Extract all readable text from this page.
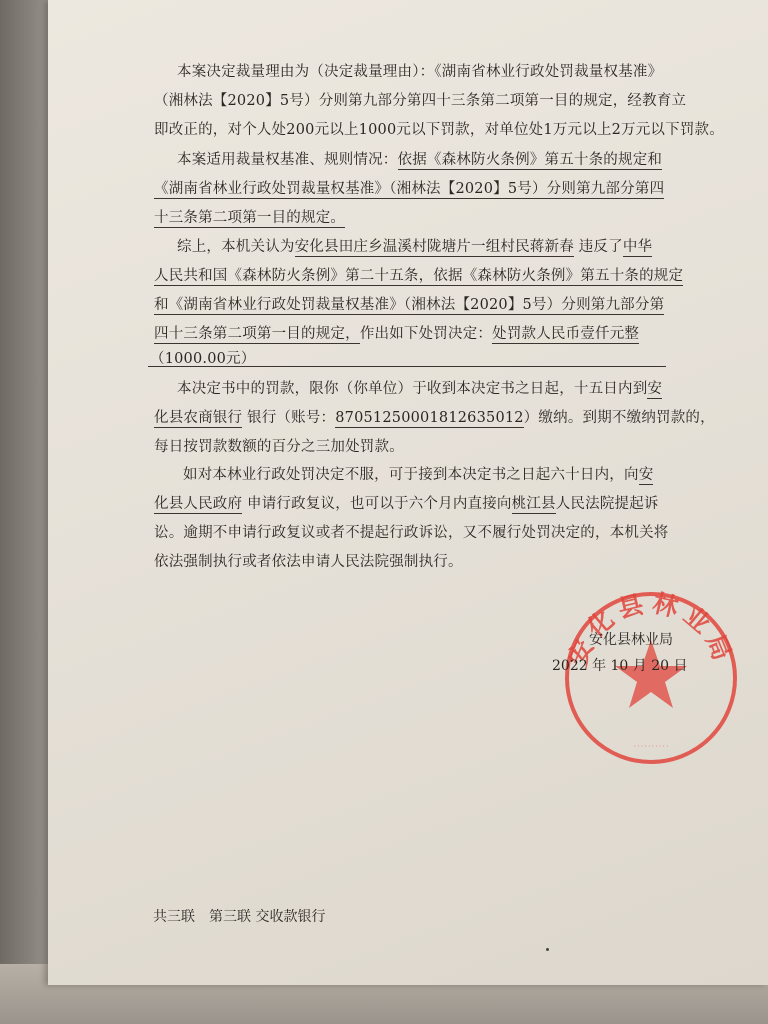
本案决定裁量理由为（决定裁量理由）：《湖南省林业行政处罚裁量权基准》
（湘林法【2020】5号）分则第九部分第四十三条第二项第一目的规定，经教育立
即改正的，对个人处200元以上1000元以下罚款，对单位处1万元以上2万元以下罚款。
本案适用裁量权基准、规则情况：依据《森林防火条例》第五十条的规定和
《湖南省林业行政处罚裁量权基准》（湘林法【2020】5号）分则第九部分第四
十三条第二项第一目的规定。
综上，本机关认为安化县田庄乡温溪村陇塘片一组村民蒋新春 违反了中华
人民共和国《森林防火条例》第二十五条，依据《森林防火条例》第五十条的规定
和《湖南省林业行政处罚裁量权基准》（湘林法【2020】5号）分则第九部分第
四十三条第二项第一目的规定，作出如下处罚决定：处罚款人民币壹仟元整
（1000.00元）
本决定书中的罚款，限你（你单位）于收到本决定书之日起，十五日内到安
化县农商银行 银行（账号：87051250001812635012）缴纳。到期不缴纳罚款的，
每日按罚款数额的百分之三加处罚款。
如对本林业行政处罚决定不服，可于接到本决定书之日起六十日内，向安
化县人民政府 申请行政复议，也可以于六个月内直接向桃江县人民法院提起诉
讼。逾期不申请行政复议或者不提起行政诉讼，又不履行处罚决定的，本机关将
依法强制执行或者依法申请人民法院强制执行。
安化县林业局
··········
安化县林业局
2022 年 10 月 20 日
共三联　第三联 交收款银行
